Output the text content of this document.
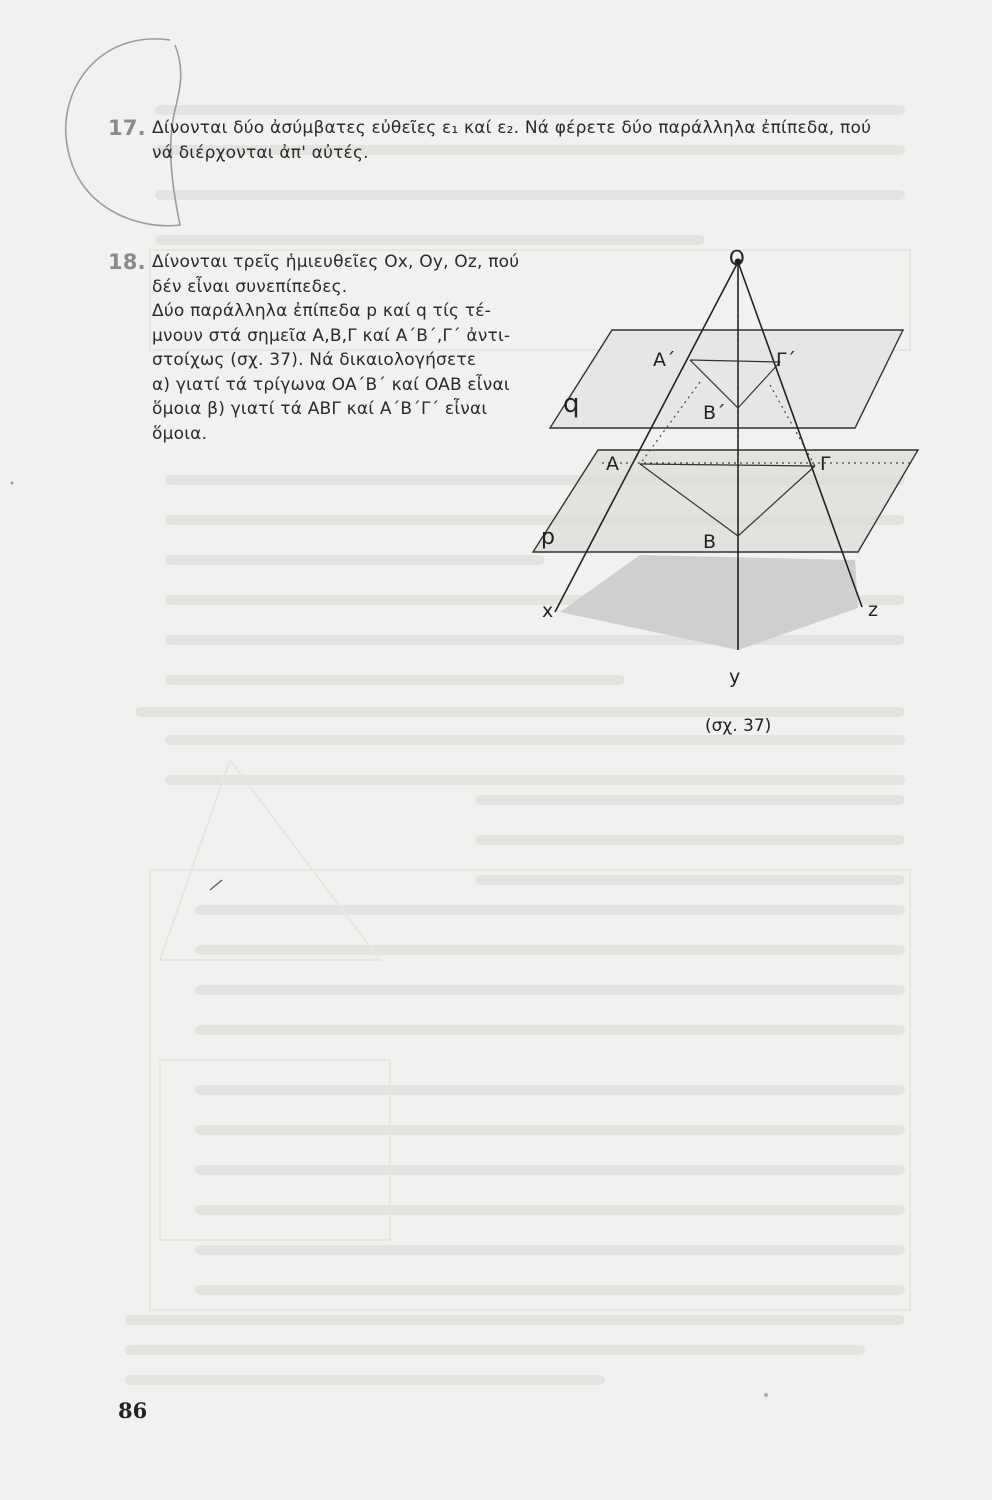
17. Δίνονται δύο ἀσύμβατες εὐθεῖες ε₁ καί ε₂. Νά φέρετε δύο παράλληλα ἐπίπεδα, πού
νά διέρχονται ἀπ' αὐτές.
18. Δίνονται τρεῖς ἡμιευθεῖες Ox, Oy, Oz, πού
δέν εἶναι συνεπίπεδες.
Δύο παράλληλα ἐπίπεδα p καί q τίς τέ-
μνουν στά σημεῖα A,B,Γ καί A΄B΄,Γ΄ ἀντι-
στοίχως (σχ. 37). Νά δικαιολογήσετε
α) γιατί τά τρίγωνα OA΄B΄ καί OAB εἶναι
ὅμοια β) γιατί τά ΑΒΓ καί Α΄Β΄Γ΄ εἶναι
ὅμοια.
O
A΄	Γ΄
B΄
q
A	Γ
p	B
x	z
y
(σχ. 37)
86
